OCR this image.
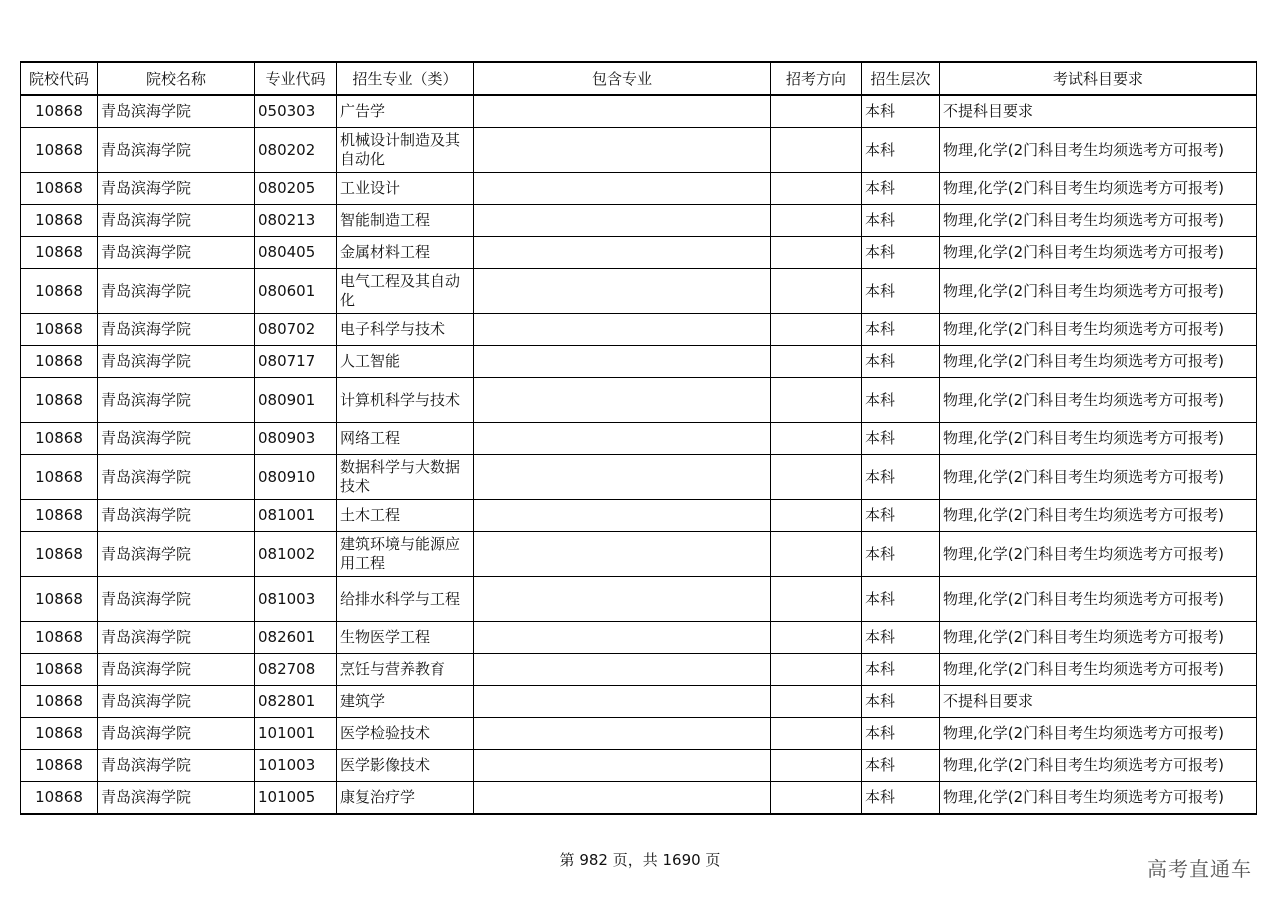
院校代码	院校名称	专业代码	招生专业（类）	包含专业	招考方向	招生层次	考试科目要求
10868	青岛滨海学院	050303	广告学			本科	不提科目要求
10868	青岛滨海学院	080202	机械设计制造及其自动化			本科	物理,化学(2门科目考生均须选考方可报考)
10868	青岛滨海学院	080205	工业设计			本科	物理,化学(2门科目考生均须选考方可报考)
10868	青岛滨海学院	080213	智能制造工程			本科	物理,化学(2门科目考生均须选考方可报考)
10868	青岛滨海学院	080405	金属材料工程			本科	物理,化学(2门科目考生均须选考方可报考)
10868	青岛滨海学院	080601	电气工程及其自动化			本科	物理,化学(2门科目考生均须选考方可报考)
10868	青岛滨海学院	080702	电子科学与技术			本科	物理,化学(2门科目考生均须选考方可报考)
10868	青岛滨海学院	080717	人工智能			本科	物理,化学(2门科目考生均须选考方可报考)
10868	青岛滨海学院	080901	计算机科学与技术			本科	物理,化学(2门科目考生均须选考方可报考)
10868	青岛滨海学院	080903	网络工程			本科	物理,化学(2门科目考生均须选考方可报考)
10868	青岛滨海学院	080910	数据科学与大数据技术			本科	物理,化学(2门科目考生均须选考方可报考)
10868	青岛滨海学院	081001	土木工程			本科	物理,化学(2门科目考生均须选考方可报考)
10868	青岛滨海学院	081002	建筑环境与能源应用工程			本科	物理,化学(2门科目考生均须选考方可报考)
10868	青岛滨海学院	081003	给排水科学与工程			本科	物理,化学(2门科目考生均须选考方可报考)
10868	青岛滨海学院	082601	生物医学工程			本科	物理,化学(2门科目考生均须选考方可报考)
10868	青岛滨海学院	082708	烹饪与营养教育			本科	物理,化学(2门科目考生均须选考方可报考)
10868	青岛滨海学院	082801	建筑学			本科	不提科目要求
10868	青岛滨海学院	101001	医学检验技术			本科	物理,化学(2门科目考生均须选考方可报考)
10868	青岛滨海学院	101003	医学影像技术			本科	物理,化学(2门科目考生均须选考方可报考)
10868	青岛滨海学院	101005	康复治疗学			本科	物理,化学(2门科目考生均须选考方可报考)
第 982 页，共 1690 页	高考直通车
